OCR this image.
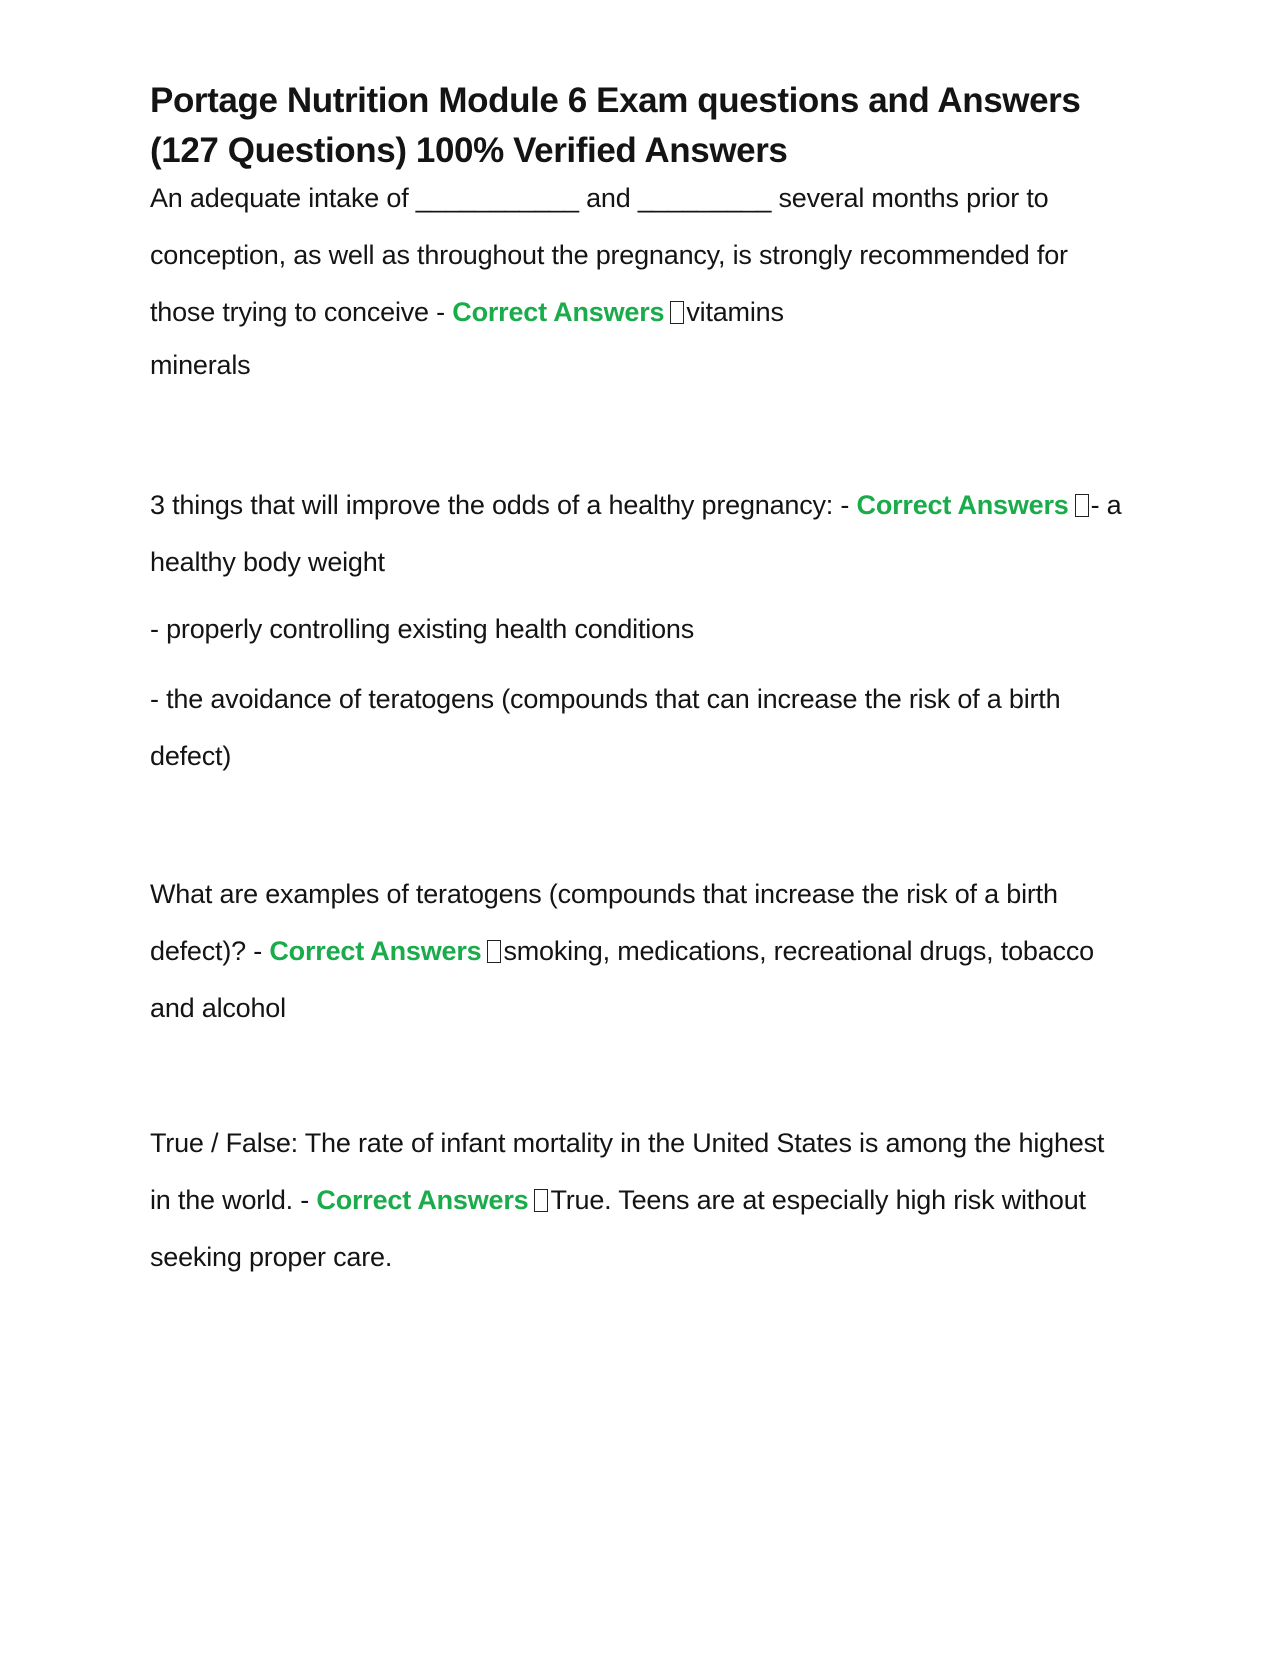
Portage Nutrition Module 6 Exam questions and Answers (127 Questions) 100% Verified Answers

An adequate intake of ___________ and _________ several months prior to conception, as well as throughout the pregnancy, is strongly recommended for those trying to conceive - Correct Answers vitamins

minerals

3 things that will improve the odds of a healthy pregnancy: - Correct Answers - a healthy body weight

- properly controlling existing health conditions

- the avoidance of teratogens (compounds that can increase the risk of a birth defect)

What are examples of teratogens (compounds that increase the risk of a birth defect)? - Correct Answers smoking, medications, recreational drugs, tobacco and alcohol

True / False: The rate of infant mortality in the United States is among the highest in the world. - Correct Answers True. Teens are at especially high risk without seeking proper care.
